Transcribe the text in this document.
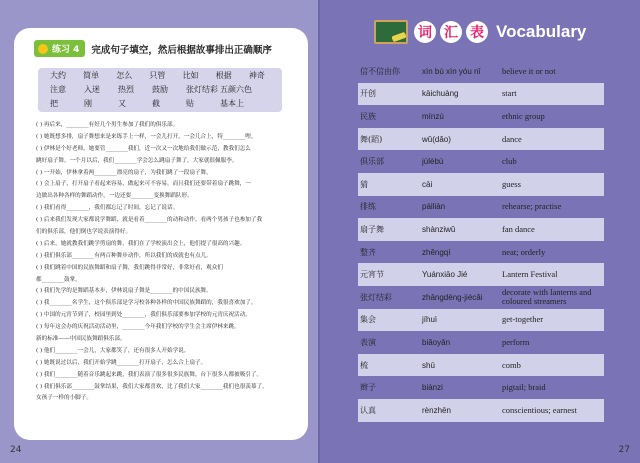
24	27
练习 4 完成句子填空，然后根据故事排出正确顺序
大约	简单	怎么	只管	比如	根据	神奇
注意	入迷	热烈	鼓励	张灯结彩 五颜六色
把	刚	又	截	贴	基本上
( ) 再后来，________有好几个男生参加了我们的俱乐部。
( ) 她既想多排，扇子舞想来是来练手上一样，一会儿打开，一会儿合上，特________哩。
( ) 伊林是个好老师，她要管________我们，近一次又一次地给我们做示范，教我们怎么
跳好扇子舞。一个月以后，我们________学会怎么跳扇子舞了，大家就很佩服李。
( ) 一开始，伊林拿着两________漂亮的扇子，为我们跳了一段扇子舞。
( ) 会上扇子，打开扇子看起来容易，做起来可不容易。而且我们还要带着扇子跳舞，一
边做出各种各样的舞蹈动作，一边还要________变换舞蹈队形。
( ) 我们看得________，我们都忘记了时间，忘记了说话。
( ) 后来我们发现大家都说学舞蹈，就是看着________的动和动作，看两个男孩子也参加了我
们的俱乐部，他们倒也学说表演得好。
( ) 后来，她就教我们跳学剪扇的舞，我们在了学校演出会上，他们提了很高的兴趣。
( ) 我们俱乐部________有两百种舞步动作，所以我们的成就也有点儿。
( ) 我们跳着中国的民族舞蹈和扇子舞，我们跳得非常好，非常好看，观众们
都________鼓掌。
( ) 我们先学的是舞蹈基本步，伊林说扇子舞是________的中国民族舞。
( ) 我________名学生，这个俱乐部是学习校各种各样的中国民族舞蹈的，我很喜欢加了。
( ) 中国的元宵节到了，校园里到处________，我们俱乐部要参加学校的元宵庆祝活动。
( ) 每年这会办的庆祝活动活动里，________今年我们学校的学生会主席伊林来跳。
新的标准——中国民族舞蹈俱乐部。
( ) 他们________一会儿，大家都笑了，还有很多人开始学说。
( ) 她既说过以后，我们开始学跳________打开扇子，怎么合上扇子。
( ) 我们________随着音乐跳起来跳，我们表演了很多很多民族舞，台下很多人都被吸引了。
( ) 我们俱乐部________鼓掌结果，我们大家都喜欢，比了我们大家________我们也很羡慕了。
女孩子一样的小脚子。
词 汇 表 Vocabulary
信不信由你	xìn bú xìn yóu nǐ	believe it or not
开创	kāichuàng	start
民族	mínzú	ethnic group
舞(蹈)	wǔ(dǎo)	dance
俱乐部	jùlèbù	club
猜	cāi	guess
排练	páiliàn	rehearse; practise
扇子舞	shànziwǔ	fan dance
整齐	zhěngqí	neat; orderly
元宵节	Yuánxiāo Jié	Lantern Festival
张灯结彩	zhāngdēng-jiécǎi	decorate with lanterns and coloured streamers
集会	jíhuì	get-together
表演	biǎoyǎn	perform
梳	shū	comb
辫子	biànzi	pigtail; braid
认真	rènzhēn	conscientious; earnest
